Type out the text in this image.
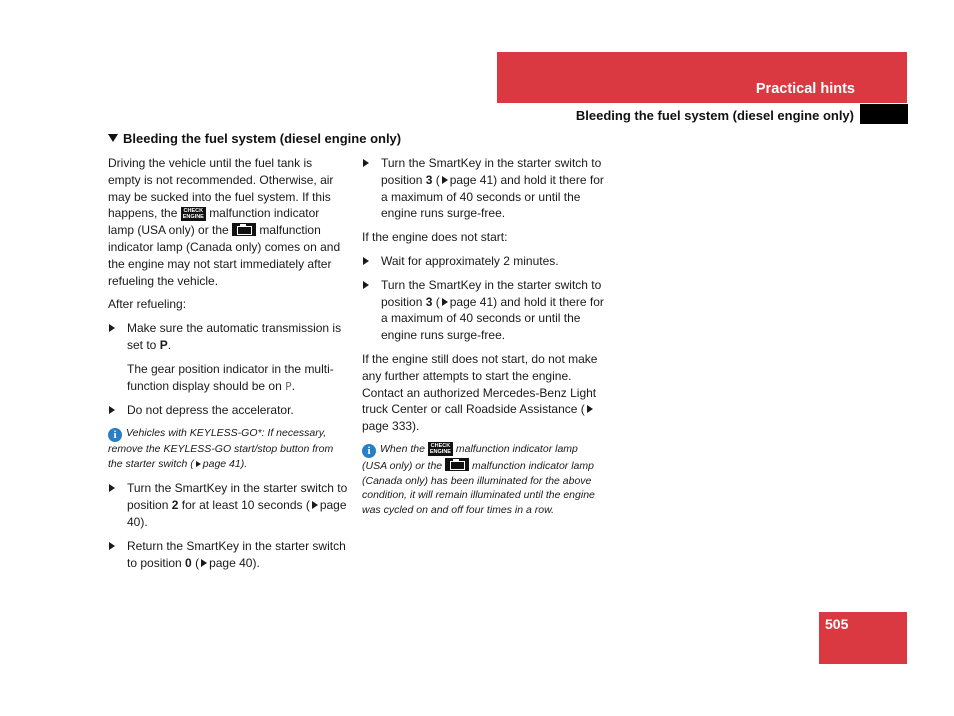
Practical hints
Bleeding the fuel system (diesel engine only)
Bleeding the fuel system (diesel engine only)

Driving the vehicle until the fuel tank is empty is not recommended. Otherwise, air may be sucked into the fuel system. If this happens, the CHECK
ENGINE malfunction indicator lamp (USA only) or the	malfunction indicator lamp (Canada only) comes on and the engine may not start immediately after refueling the vehicle.

After refueling:

Make sure the automatic transmission is set to P.
The gear position indicator in the multi-function display should be on P.
Do not depress the accelerator.
i Vehicles with KEYLESS-GO*: If necessary, remove the KEYLESS-GO start/stop button from the starter switch ( page 41).
Turn the SmartKey in the starter switch to position 2 for at least 10 seconds ( page 40).
Return the SmartKey in the starter switch to position 0 ( page 40).
Turn the SmartKey in the starter switch to position 3 ( page 41) and hold it there for a maximum of 40 seconds or until the engine runs surge-free.

If the engine does not start:

Wait for approximately 2 minutes.
Turn the SmartKey in the starter switch to position 3 ( page 41) and hold it there for a maximum of 40 seconds or until the engine runs surge-free.

If the engine still does not start, do not make any further attempts to start the engine. Contact an authorized Mercedes-Benz Light truck Center or call Roadside Assistance (page 333).

i When the CHECK
ENGINE malfunction indicator lamp (USA only) or the	malfunction indicator lamp (Canada only) has been illuminated for the above condition, it will remain illuminated until the engine was cycled on and off four times in a row.
505
